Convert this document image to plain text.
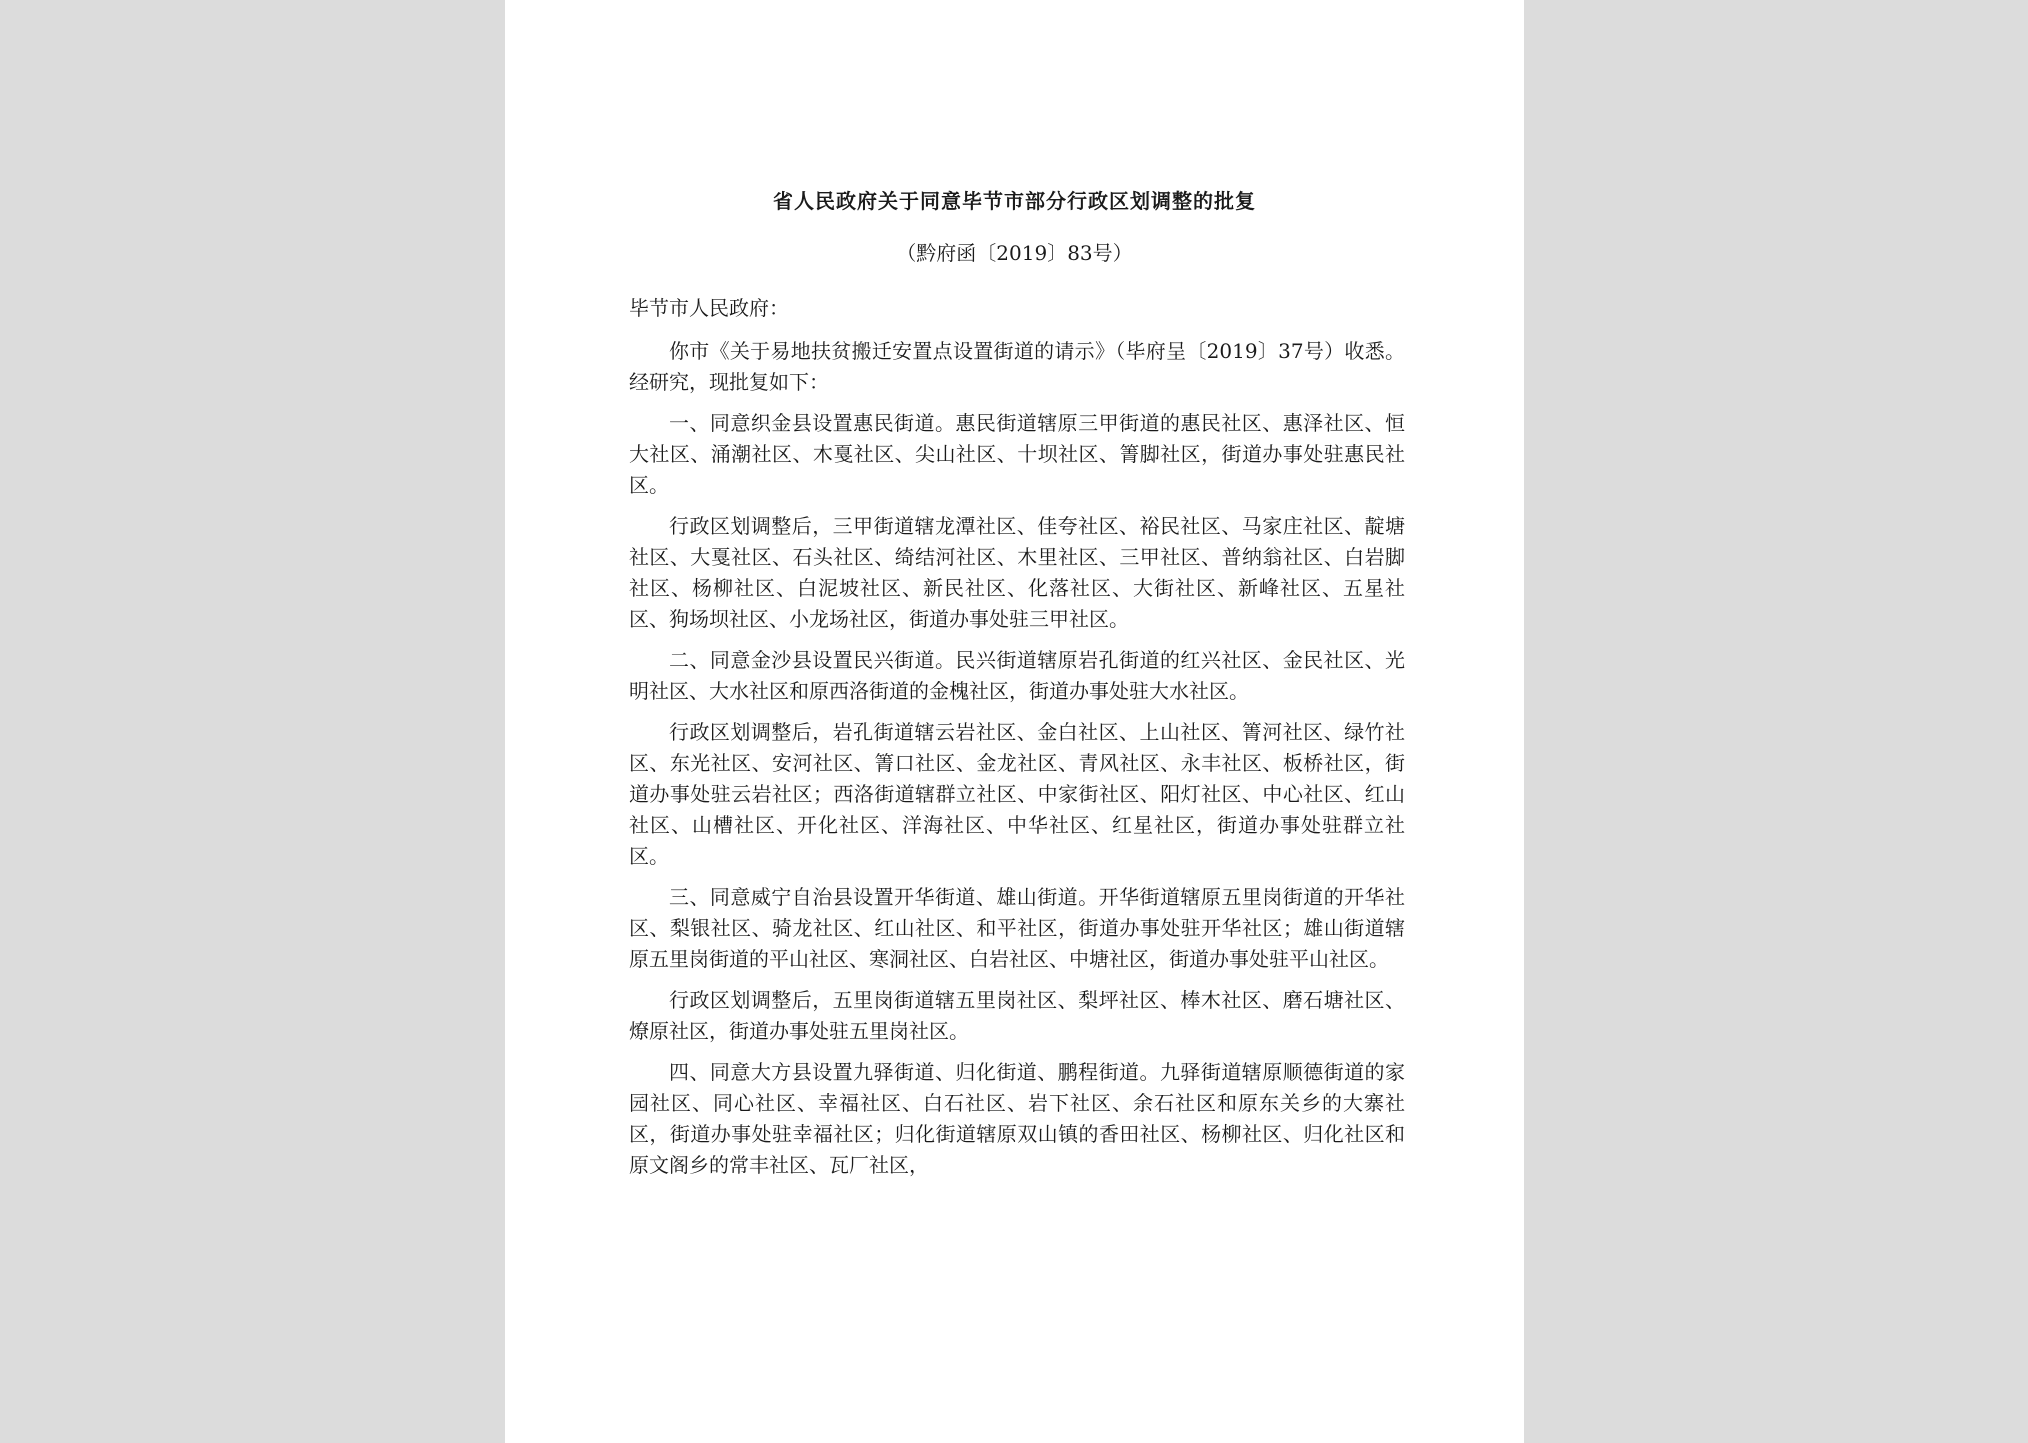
省人民政府关于同意毕节市部分行政区划调整的批复

（黔府函〔2019〕83号）

毕节市人民政府：

你市《关于易地扶贫搬迁安置点设置街道的请示》（毕府呈〔2019〕37号）收悉。经研究，现批复如下：

一、同意织金县设置惠民街道。惠民街道辖原三甲街道的惠民社区、惠泽社区、恒大社区、涌潮社区、木戛社区、尖山社区、十坝社区、箐脚社区，街道办事处驻惠民社区。

行政区划调整后，三甲街道辖龙潭社区、佳夸社区、裕民社区、马家庄社区、靛塘社区、大戛社区、石头社区、绮结河社区、木里社区、三甲社区、普纳翁社区、白岩脚社区、杨柳社区、白泥坡社区、新民社区、化落社区、大街社区、新峰社区、五星社区、狗场坝社区、小龙场社区，街道办事处驻三甲社区。

二、同意金沙县设置民兴街道。民兴街道辖原岩孔街道的红兴社区、金民社区、光明社区、大水社区和原西洛街道的金槐社区，街道办事处驻大水社区。

行政区划调整后，岩孔街道辖云岩社区、金白社区、上山社区、箐河社区、绿竹社区、东光社区、安河社区、箐口社区、金龙社区、青风社区、永丰社区、板桥社区，街道办事处驻云岩社区；西洛街道辖群立社区、中家街社区、阳灯社区、中心社区、红山社区、山槽社区、开化社区、洋海社区、中华社区、红星社区，街道办事处驻群立社区。

三、同意威宁自治县设置开华街道、雄山街道。开华街道辖原五里岗街道的开华社区、梨银社区、骑龙社区、红山社区、和平社区，街道办事处驻开华社区；雄山街道辖原五里岗街道的平山社区、寒洞社区、白岩社区、中塘社区，街道办事处驻平山社区。

行政区划调整后，五里岗街道辖五里岗社区、梨坪社区、棒木社区、磨石塘社区、燎原社区，街道办事处驻五里岗社区。

四、同意大方县设置九驿街道、归化街道、鹏程街道。九驿街道辖原顺德街道的家园社区、同心社区、幸福社区、白石社区、岩下社区、余石社区和原东关乡的大寨社区，街道办事处驻幸福社区；归化街道辖原双山镇的香田社区、杨柳社区、归化社区和原文阁乡的常丰社区、瓦厂社区，
